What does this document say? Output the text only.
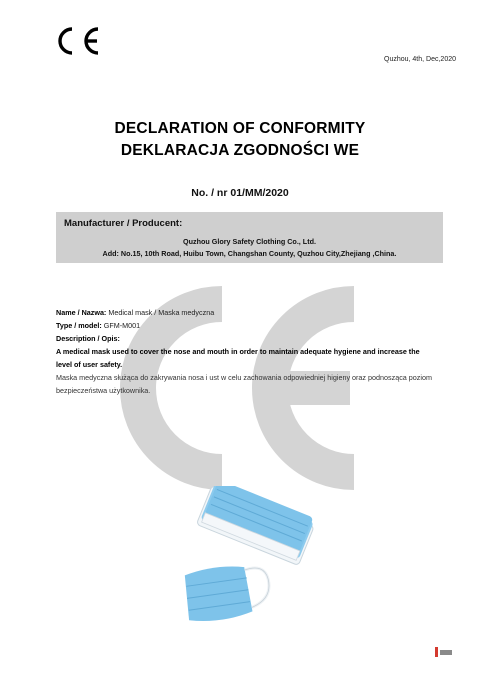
Quzhou, 4th, Dec,2020
DECLARATION OF CONFORMITY
DEKLARACJA ZGODNOŚCI WE
No. / nr 01/MM/2020
Manufacturer / Producent:
Quzhou Glory Safety Clothing Co., Ltd.
Add: No.15, 10th Road, Huibu Town, Changshan County, Quzhou City,Zhejiang ,China.
Name / Nazwa: Medical mask / Maska medyczna
Type / model: GFM-M001
Description / Opis:
A medical mask used to cover the nose and mouth in order to maintain adequate hygiene and increase the level of user safety.
Maska medyczna służąca do zakrywania nosa i ust w celu zachowania odpowiedniej higieny oraz podnosząca poziom bezpieczeństwa użytkownika.
